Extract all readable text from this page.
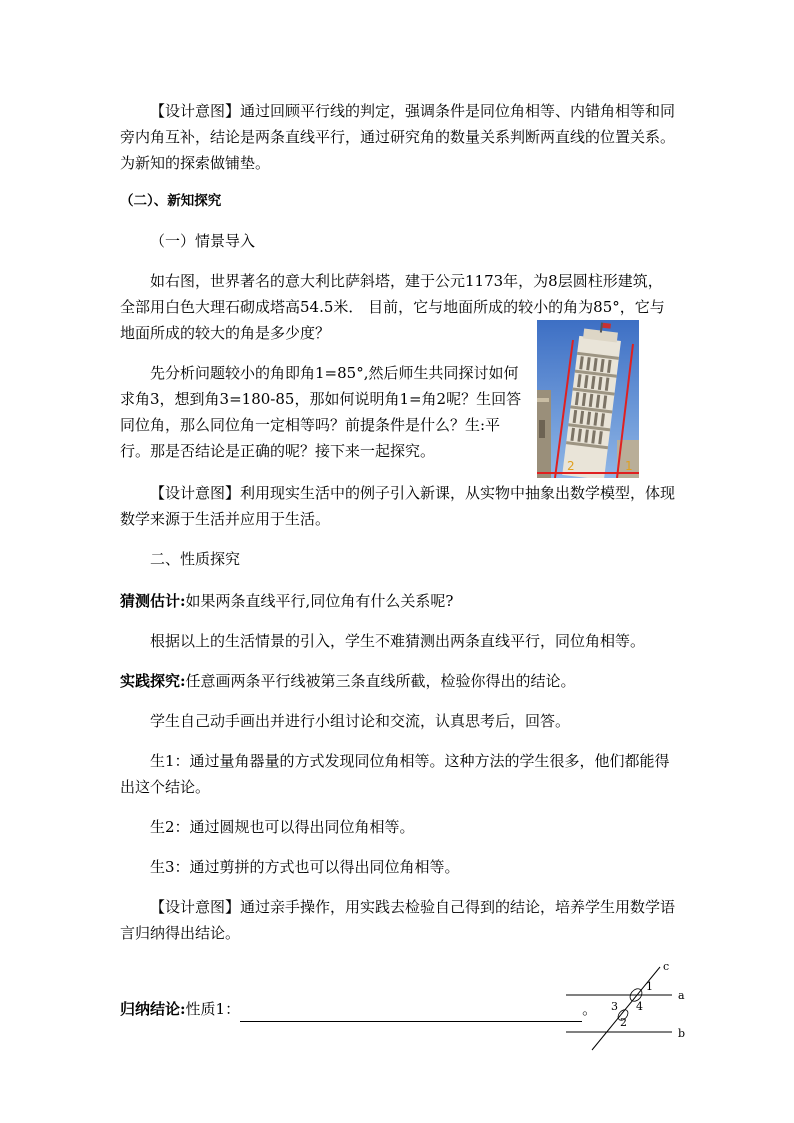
【设计意图】通过回顾平行线的判定，强调条件是同位角相等、内错角相等和同旁内角互补，结论是两条直线平行，通过研究角的数量关系判断两直线的位置关系。为新知的探索做铺垫。

（二）、新知探究

（一）情景导入

如右图，世界著名的意大利比萨斜塔，建于公元1173年，为8层圆柱形建筑，全部用白色大理石砌成塔高54.5米． 目前，它与地面所成的较小的角为85°，它与地面所成的较大的角是多少度？

先分析问题较小的角即角1=85°,然后师生共同探讨如何求角3，想到角3=180-85，那如何说明角1=角2呢？生回答同位角，那么同位角一定相等吗？前提条件是什么？生:平行。那是否结论是正确的呢？接下来一起探究。

2	1

【设计意图】利用现实生活中的例子引入新课，从实物中抽象出数学模型，体现数学来源于生活并应用于生活。

二、性质探究

猜测估计:如果两条直线平行,同位角有什么关系呢?

根据以上的生活情景的引入，学生不难猜测出两条直线平行，同位角相等。

实践探究:任意画两条平行线被第三条直线所截，检验你得出的结论。

学生自己动手画出并进行小组讨论和交流，认真思考后，回答。

生1：通过量角器量的方式发现同位角相等。这种方法的学生很多，他们都能得出这个结论。

生2：通过圆规也可以得出同位角相等。

生3：通过剪拼的方式也可以得出同位角相等。

【设计意图】通过亲手操作，用实践去检验自己得到的结论，培养学生用数学语言归纳得出结论。

归纳结论:性质1：	。

a
b
c
1
2
3 4
